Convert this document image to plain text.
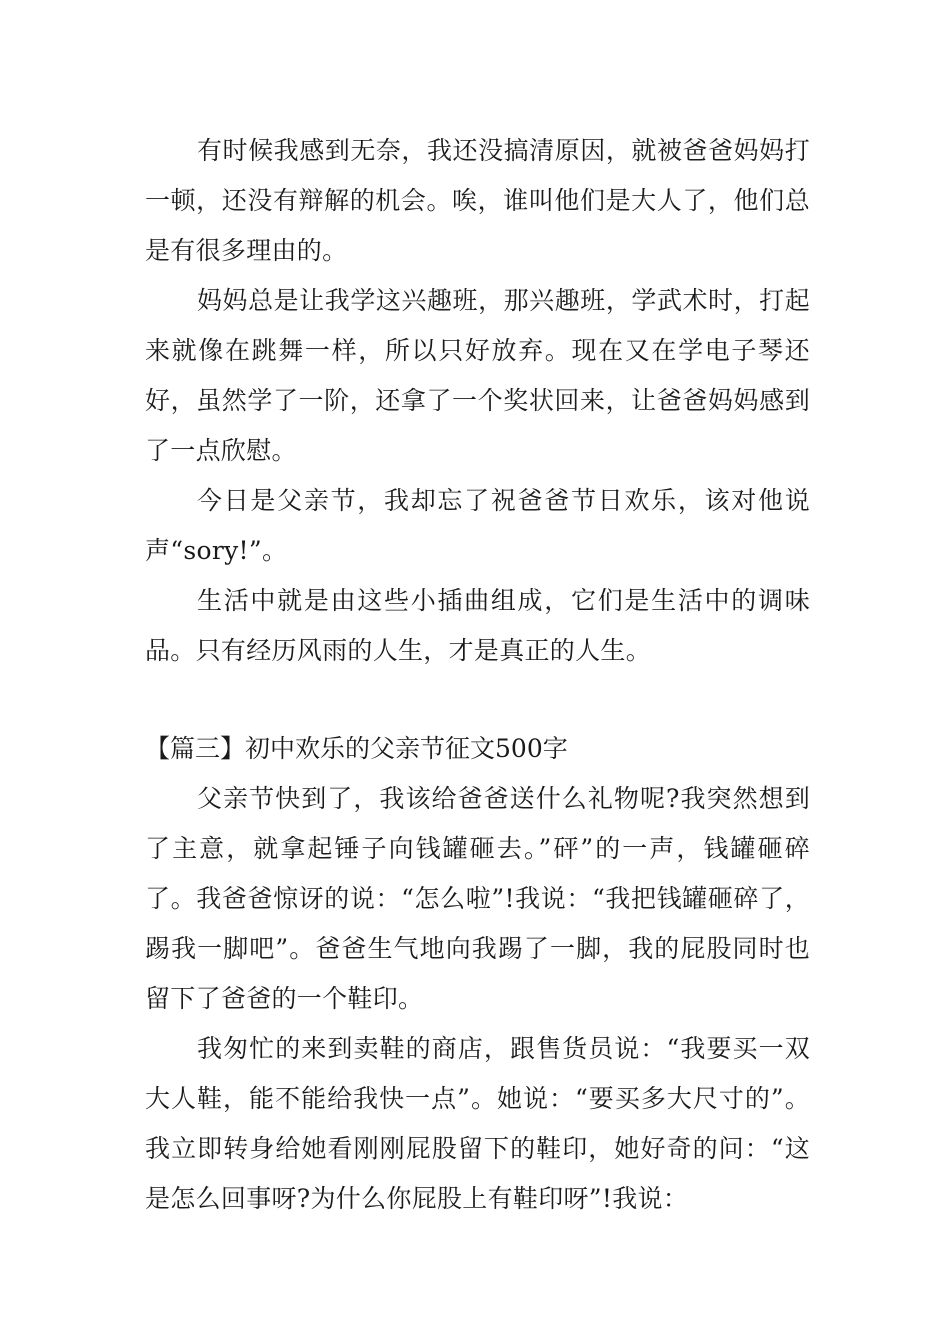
有时候我感到无奈，我还没搞清原因，就被爸爸妈妈打一顿，还没有辩解的机会。唉，谁叫他们是大人了，他们总是有很多理由的。

妈妈总是让我学这兴趣班，那兴趣班，学武术时，打起来就像在跳舞一样，所以只好放弃。现在又在学电子琴还好，虽然学了一阶，还拿了一个奖状回来，让爸爸妈妈感到了一点欣慰。

今日是父亲节，我却忘了祝爸爸节日欢乐，该对他说声“sory!”。

生活中就是由这些小插曲组成，它们是生活中的调味品。只有经历风雨的人生，才是真正的人生。

【篇三】初中欢乐的父亲节征文500字

父亲节快到了，我该给爸爸送什么礼物呢?我突然想到了主意，就拿起锤子向钱罐砸去。”砰”的一声，钱罐砸碎了。我爸爸惊讶的说：“怎么啦”!我说：“我把钱罐砸碎了，踢我一脚吧”。爸爸生气地向我踢了一脚，我的屁股同时也留下了爸爸的一个鞋印。

我匆忙的来到卖鞋的商店，跟售货员说：“我要买一双大人鞋，能不能给我快一点”。她说：“要买多大尺寸的”。我立即转身给她看刚刚屁股留下的鞋印，她好奇的问：“这是怎么回事呀?为什么你屁股上有鞋印呀”!我说：
